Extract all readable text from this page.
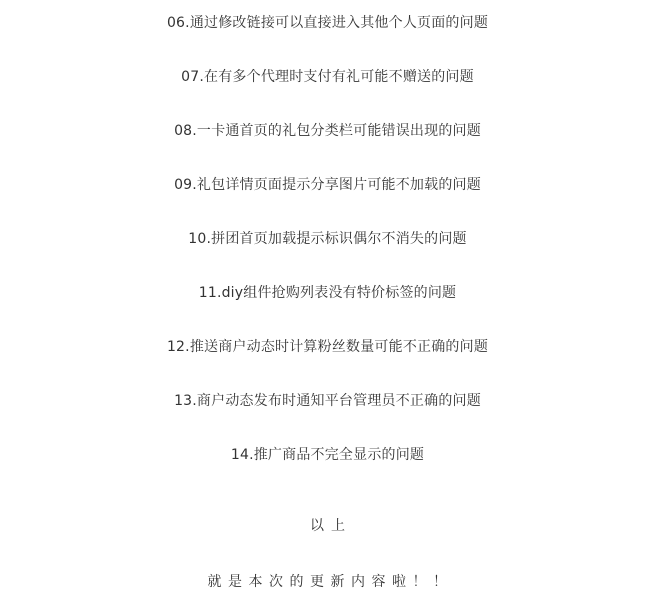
06.通过修改链接可以直接进入其他个人页面的问题
07.在有多个代理时支付有礼可能不赠送的问题
08.一卡通首页的礼包分类栏可能错误出现的问题
09.礼包详情页面提示分享图片可能不加载的问题
10.拼团首页加载提示标识偶尔不消失的问题
11.diy组件抢购列表没有特价标签的问题
12.推送商户动态时计算粉丝数量可能不正确的问题
13.商户动态发布时通知平台管理员不正确的问题
14.推广商品不完全显示的问题
以上
就是本次的更新内容啦！！
